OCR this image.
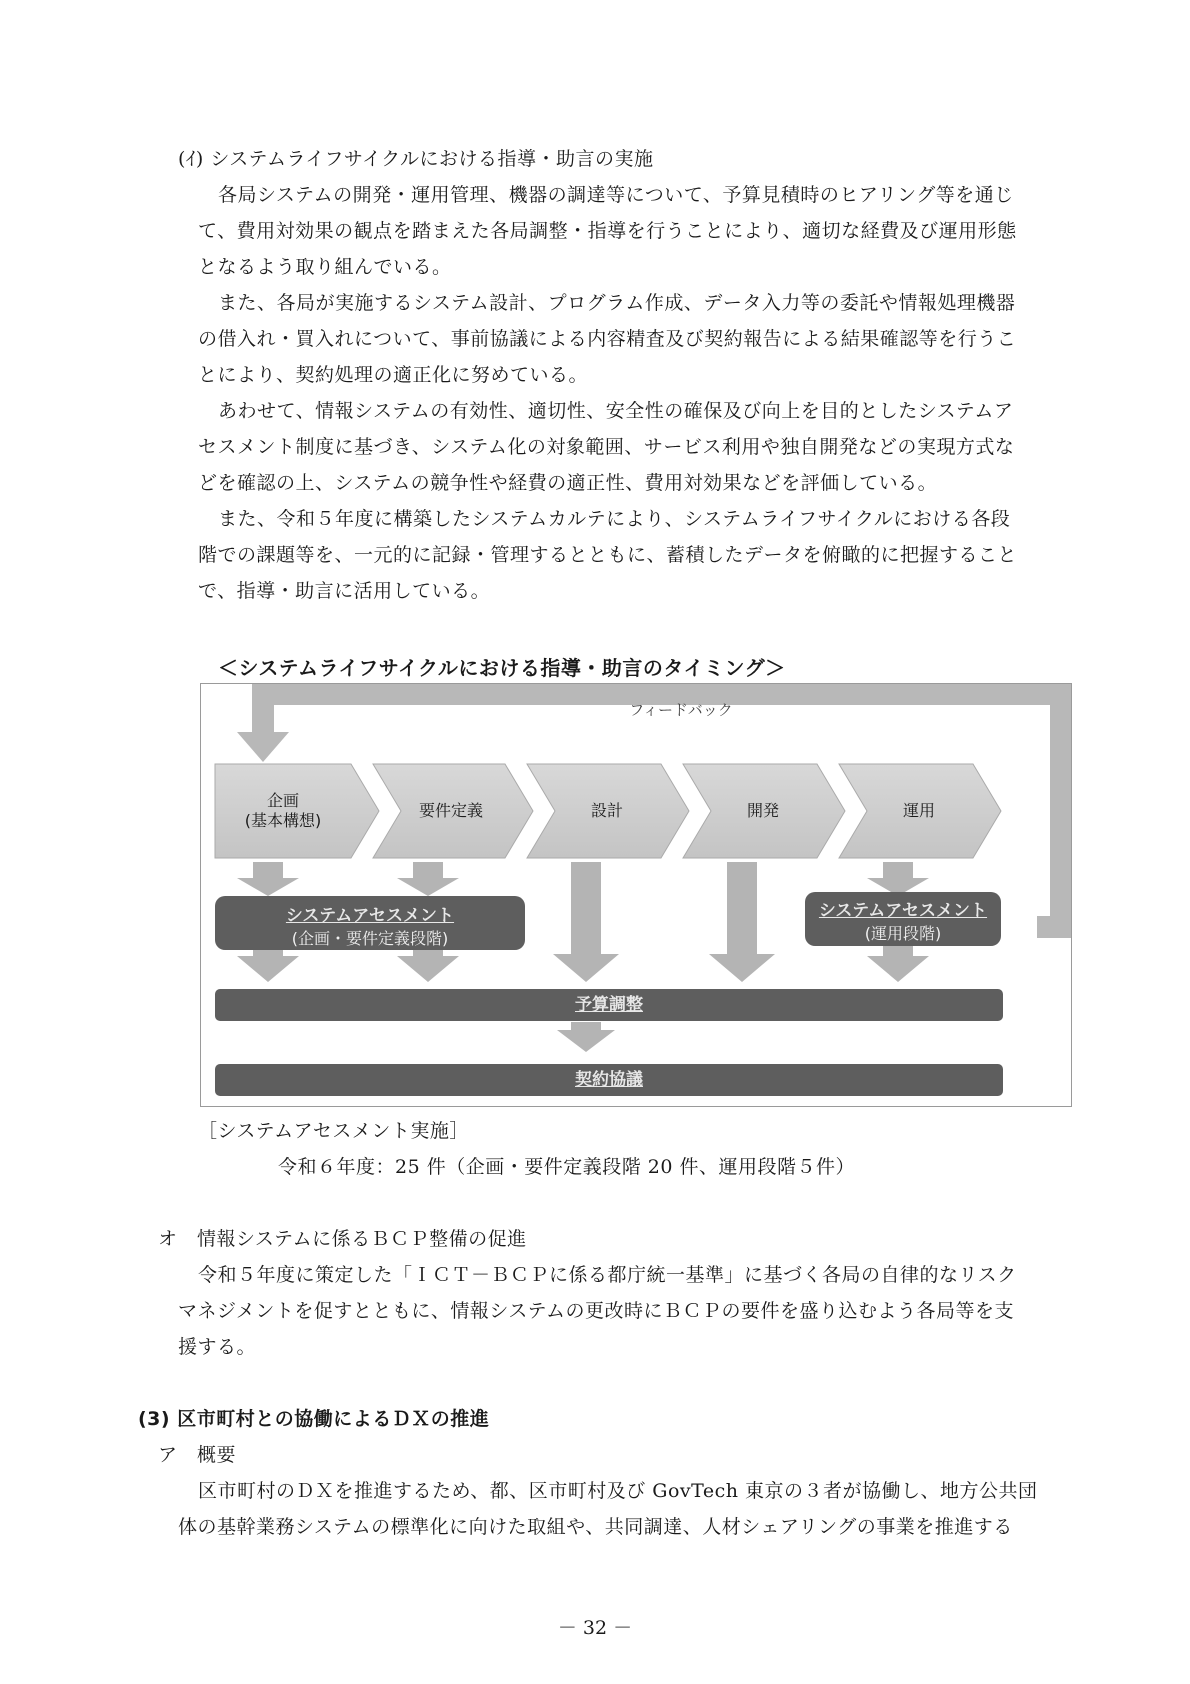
(ｲ) システムライフサイクルにおける指導・助言の実施
各局システムの開発・運用管理、機器の調達等について、予算見積時のヒアリング等を通じ
て、費用対効果の観点を踏まえた各局調整・指導を行うことにより、適切な経費及び運用形態
となるよう取り組んでいる。
また、各局が実施するシステム設計、プログラム作成、データ入力等の委託や情報処理機器
の借入れ・買入れについて、事前協議による内容精査及び契約報告による結果確認等を行うこ
とにより、契約処理の適正化に努めている。
あわせて、情報システムの有効性、適切性、安全性の確保及び向上を目的としたシステムア
セスメント制度に基づき、システム化の対象範囲、サービス利用や独自開発などの実現方式な
どを確認の上、システムの競争性や経費の適正性、費用対効果などを評価している。
また、令和５年度に構築したシステムカルテにより、システムライフサイクルにおける各段
階での課題等を、一元的に記録・管理するとともに、蓄積したデータを俯瞰的に把握すること
で、指導・助言に活用している。
＜システムライフサイクルにおける指導・助言のタイミング＞
企画
(基本構想)
要件定義	設計	開発	運用
フィードバック
システムアセスメント
(企画・要件定義段階)
システムアセスメント
(運用段階)
予算調整
契約協議
［システムアセスメント実施］
令和６年度：25 件（企画・要件定義段階 20 件、運用段階５件）
オ　情報システムに係るＢＣＰ整備の促進
令和５年度に策定した「ＩＣＴ－ＢＣＰに係る都庁統一基準」に基づく各局の自律的なリスク
マネジメントを促すとともに、情報システムの更改時にＢＣＰの要件を盛り込むよう各局等を支
援する。
(3) 区市町村との協働によるＤＸの推進
ア　概要
区市町村のＤＸを推進するため、都、区市町村及び GovTech 東京の３者が協働し、地方公共団
体の基幹業務システムの標準化に向けた取組や、共同調達、人材シェアリングの事業を推進する
－ 32 －
